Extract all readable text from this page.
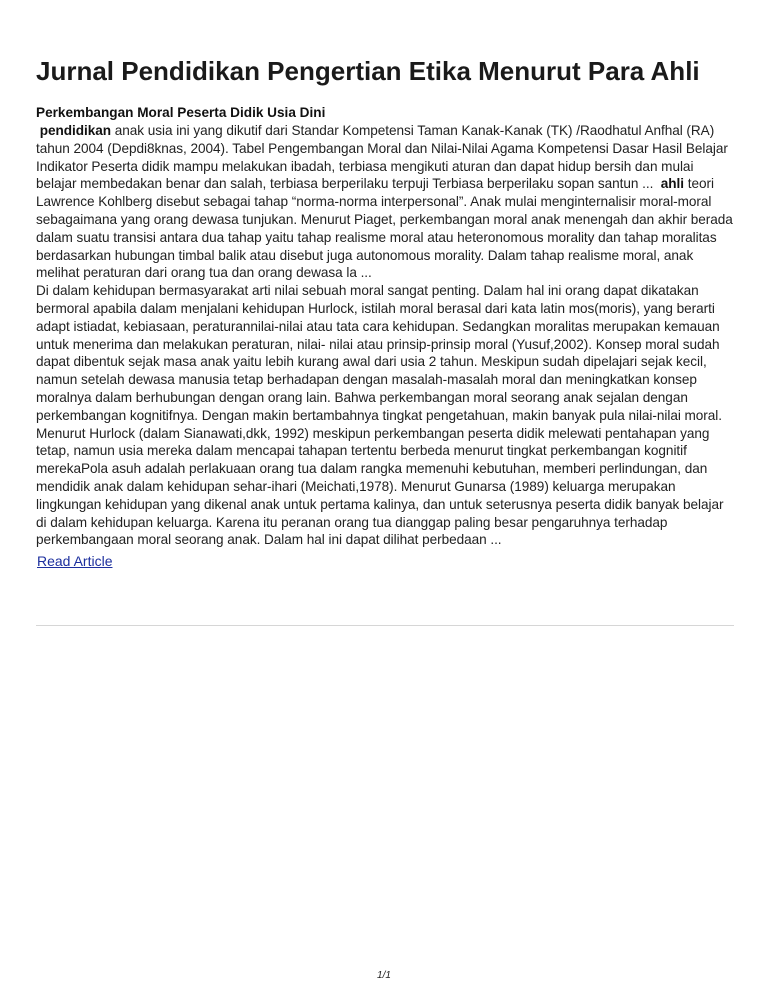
Jurnal Pendidikan Pengertian Etika Menurut Para Ahli
Perkembangan Moral Peserta Didik Usia Dini

pendidikan anak usia ini yang dikutif dari Standar Kompetensi Taman Kanak-Kanak (TK) /Raodhatul Anfhal (RA) tahun 2004 (Depdi8knas, 2004). Tabel Pengembangan Moral dan Nilai-Nilai Agama Kompetensi Dasar Hasil Belajar Indikator Peserta didik mampu melakukan ibadah, terbiasa mengikuti aturan dan dapat hidup bersih dan mulai belajar membedakan benar dan salah, terbiasa berperilaku terpuji Terbiasa berperilaku sopan santun ...  ahli teori Lawrence Kohlberg disebut sebagai tahap “norma-norma interpersonal”. Anak mulai menginternalisir moral-moral sebagaimana yang orang dewasa tunjukan. Menurut Piaget, perkembangan moral anak menengah dan akhir berada dalam suatu transisi antara dua tahap yaitu tahap realisme moral atau heteronomous morality dan tahap moralitas berdasarkan hubungan timbal balik atau disebut juga autonomous morality. Dalam tahap realisme moral, anak melihat peraturan dari orang tua dan orang dewasa la ...

Di dalam kehidupan bermasyarakat arti nilai sebuah moral sangat penting. Dalam hal ini orang dapat dikatakan bermoral apabila dalam menjalani kehidupan Hurlock, istilah moral berasal dari kata latin mos(moris), yang berarti adapt istiadat, kebiasaan, peraturannilai-nilai atau tata cara kehidupan. Sedangkan moralitas merupakan kemauan untuk menerima dan melakukan peraturan, nilai- nilai atau prinsip-prinsip moral (Yusuf,2002). Konsep moral sudah dapat dibentuk sejak masa anak yaitu lebih kurang awal dari usia 2 tahun. Meskipun sudah dipelajari sejak kecil, namun setelah dewasa manusia tetap berhadapan dengan masalah-masalah moral dan meningkatkan konsep moralnya dalam berhubungan dengan orang lain. Bahwa perkembangan moral seorang anak sejalan dengan perkembangan kognitifnya. Dengan makin bertambahnya tingkat pengetahuan, makin banyak pula nilai-nilai moral. Menurut Hurlock (dalam Sianawati,dkk, 1992) meskipun perkembangan peserta didik melewati pentahapan yang tetap, namun usia mereka dalam mencapai tahapan tertentu berbeda menurut tingkat perkembangan kognitif merekaPola asuh adalah perlakuaan orang tua dalam rangka memenuhi kebutuhan, memberi perlindungan, dan mendidik anak dalam kehidupan sehar-ihari (Meichati,1978). Menurut Gunarsa (1989) keluarga merupakan lingkungan kehidupan yang dikenal anak untuk pertama kalinya, dan untuk seterusnya peserta didik banyak belajar di dalam kehidupan keluarga. Karena itu peranan orang tua dianggap paling besar pengaruhnya terhadap perkembangaan moral seorang anak. Dalam hal ini dapat dilihat perbedaan ...

Read Article
1/1
